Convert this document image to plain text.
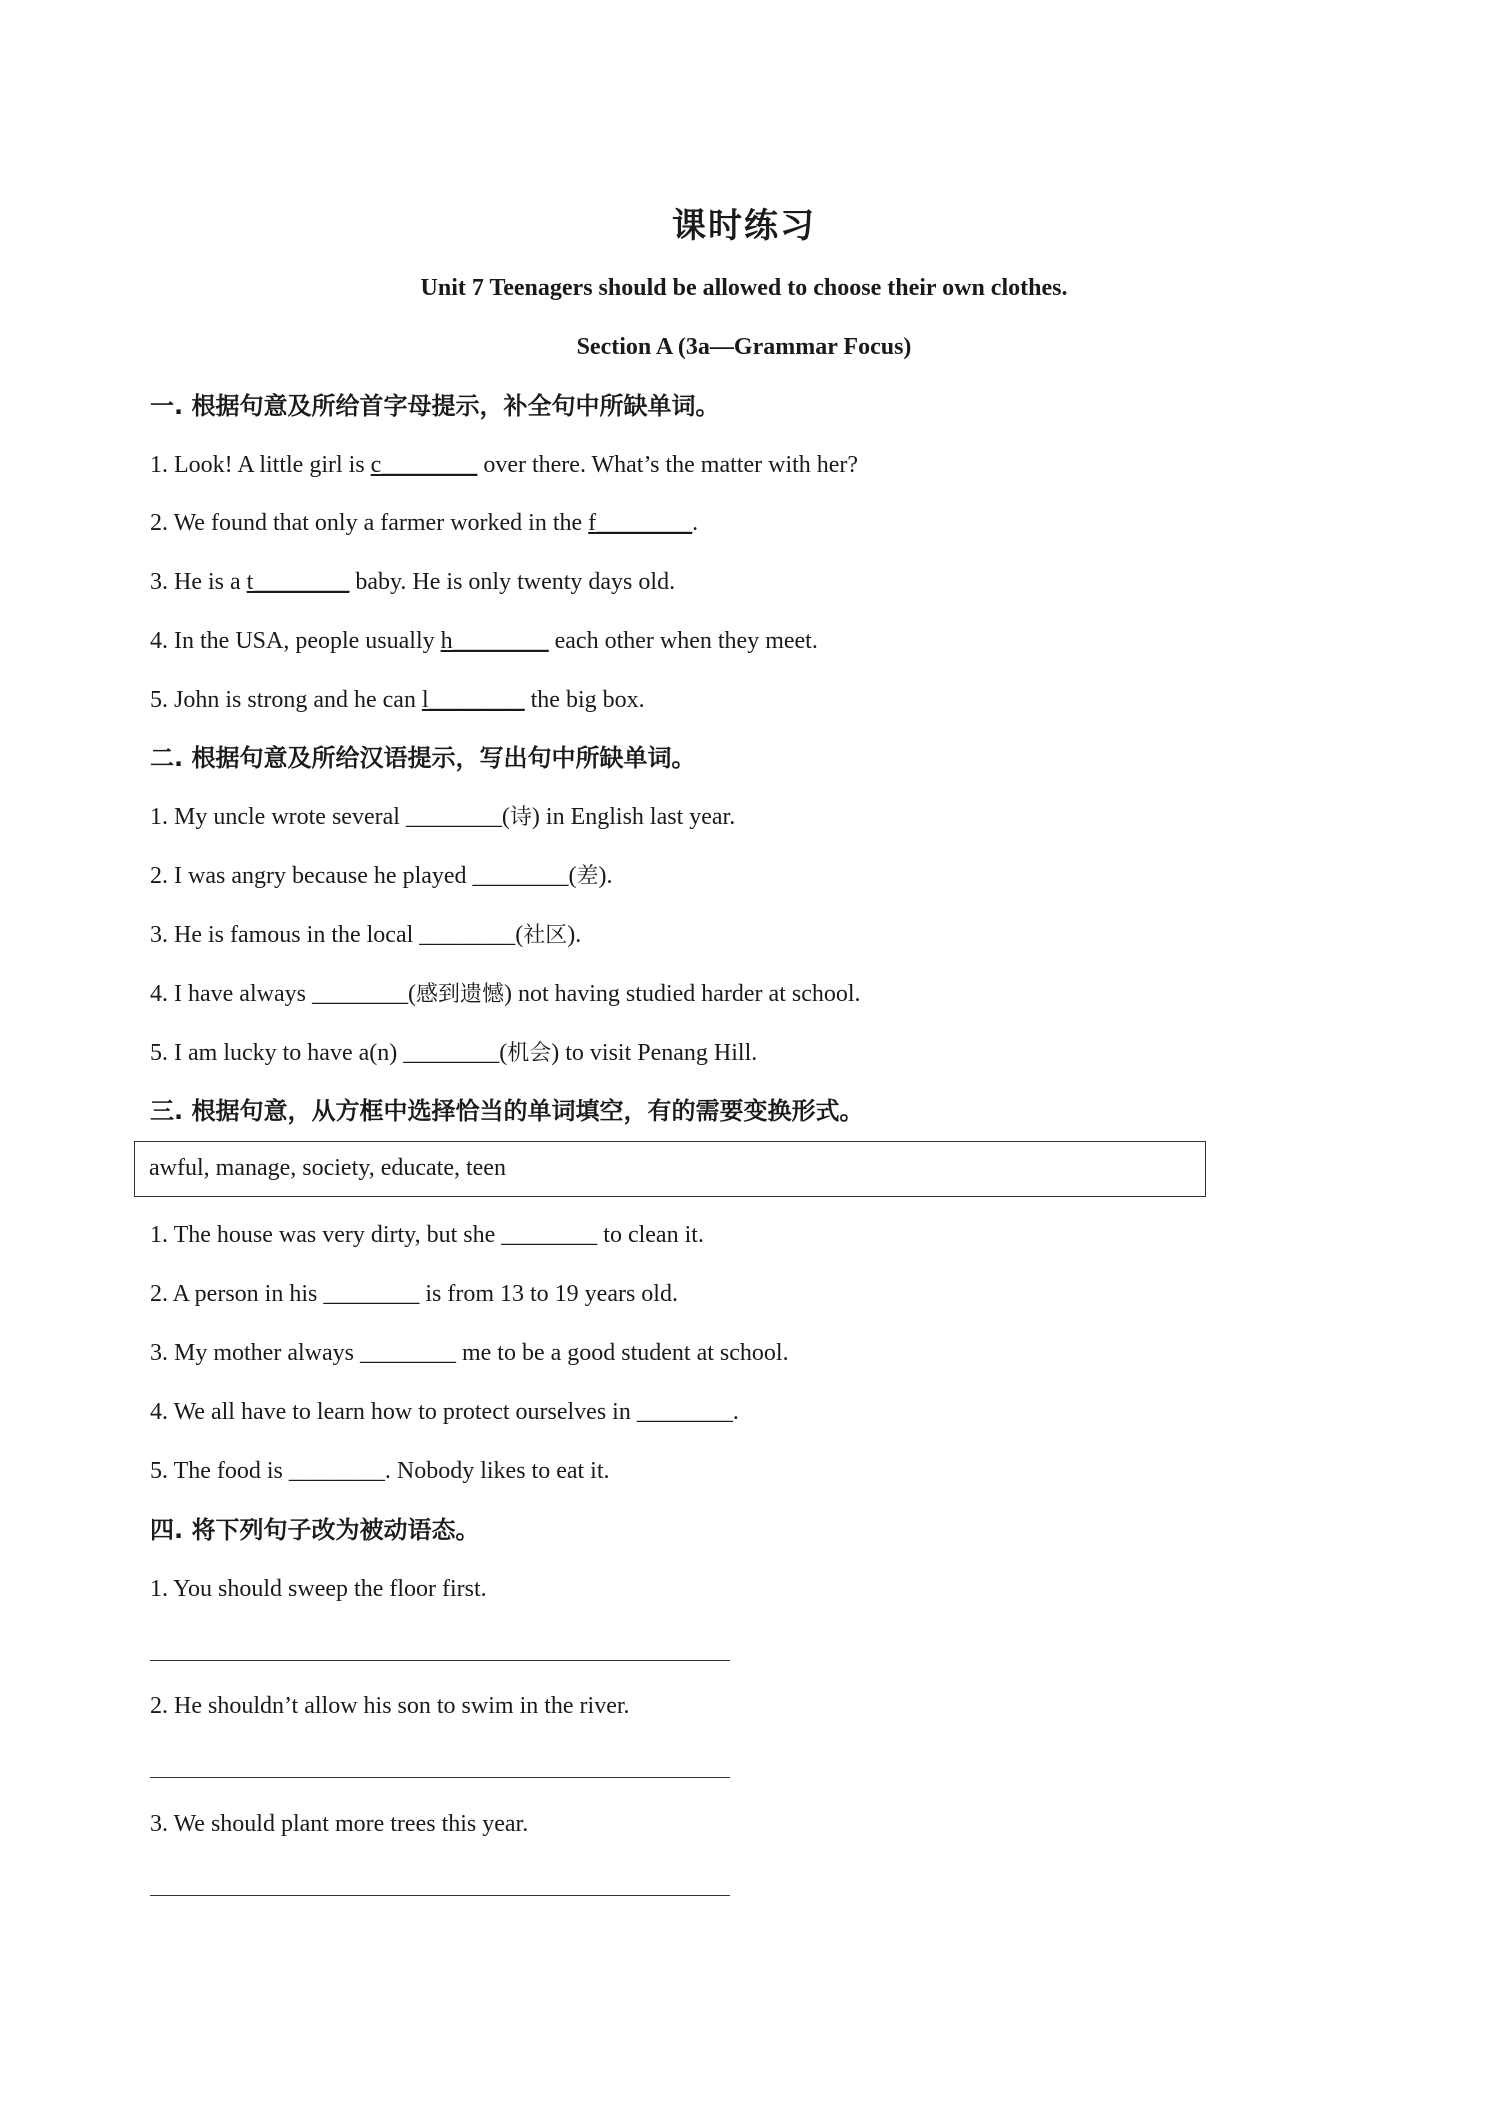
课时练习
Unit 7 Teenagers should be allowed to choose their own clothes.
Section A (3a—Grammar Focus)
一. 根据句意及所给首字母提示，补全句中所缺单词。
1. Look! A little girl is c________ over there. What’s the matter with her?
2. We found that only a farmer worked in the f________.
3. He is a t________ baby. He is only twenty days old.
4. In the USA, people usually h________ each other when they meet.
5. John is strong and he can l________ the big box.
二. 根据句意及所给汉语提示，写出句中所缺单词。
1. My uncle wrote several ________(诗) in English last year.
2. I was angry because he played ________(差).
3. He is famous in the local ________(社区).
4. I have always ________(感到遗憾) not having studied harder at school.
5. I am lucky to have a(n) ________(机会) to visit Penang Hill.
三. 根据句意，从方框中选择恰当的单词填空，有的需要变换形式。
awful, manage, society, educate, teen
1. The house was very dirty, but she ________ to clean it.
2. A person in his ________ is from 13 to 19 years old.
3. My mother always ________ me to be a good student at school.
4. We all have to learn how to protect ourselves in ________.
5. The food is ________. Nobody likes to eat it.
四. 将下列句子改为被动语态。
1. You should sweep the floor first.
2. He shouldn’t allow his son to swim in the river.
3. We should plant more trees this year.
